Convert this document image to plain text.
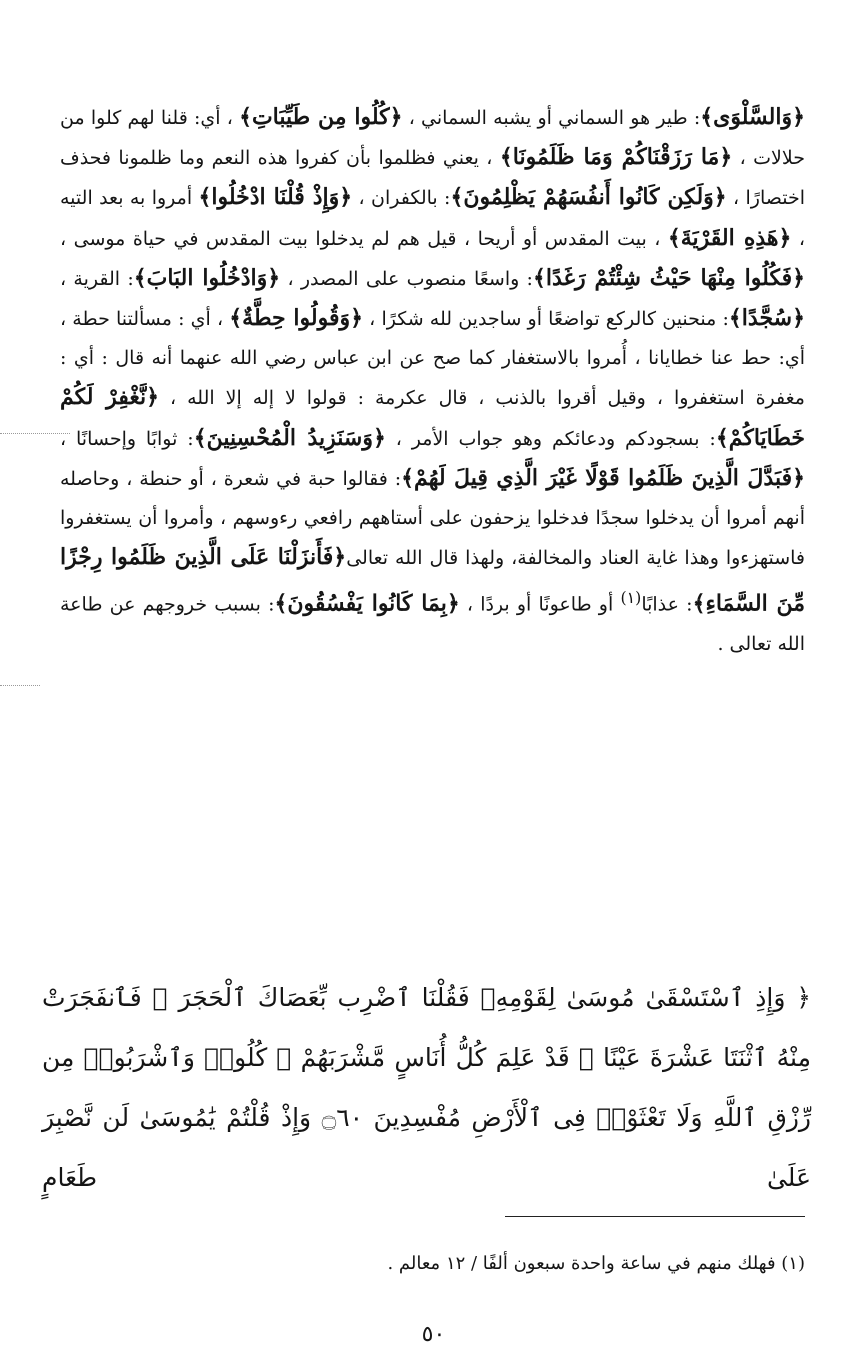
﴿وَالسَّلْوَى﴾: طير هو السماني أو يشبه السماني ، ﴿كُلُوا مِن طَيِّبَاتِ﴾ ، أي: قلنا لهم كلوا من حلالات ، ﴿مَا رَزَقْنَاكُمْ وَمَا ظَلَمُونَا﴾ ، يعني فظلموا بأن كفروا هذه النعم وما ظلمونا فحذف اختصارًا ، ﴿وَلَكِن كَانُوا أَنفُسَهُمْ يَظْلِمُونَ﴾: بالكفران ، ﴿وَإِذْ قُلْنَا ادْخُلُوا﴾ أمروا به بعد التيه ، ﴿هَذِهِ القَرْيَةَ﴾ ، بيت المقدس أو أريحا ، قيل هم لم يدخلوا بيت المقدس في حياة موسى ، ﴿فَكُلُوا مِنْهَا حَيْثُ شِئْتُمْ رَغَدًا﴾: واسعًا منصوب على المصدر ، ﴿وَادْخُلُوا البَابَ﴾: القرية ، ﴿سُجَّدًا﴾: منحنين كالركع تواضعًا أو ساجدين لله شكرًا ، ﴿وَقُولُوا حِطَّةٌ﴾ ، أي : مسألتنا حطة ، أي: حط عنا خطايانا ، أُمروا بالاستغفار كما صح عن ابن عباس رضي الله عنهما أنه قال : أي : مغفرة استغفروا ، وقيل أقروا بالذنب ، قال عكرمة : قولوا لا إله إلا الله ، ﴿نَّغْفِرْ لَكُمْ خَطَايَاكُمْ﴾: بسجودكم ودعائكم وهو جواب الأمر ، ﴿وَسَنَزِيدُ الْمُحْسِنِينَ﴾: ثوابًا وإحسانًا ، ﴿فَبَدَّلَ الَّذِينَ ظَلَمُوا قَوْلًا غَيْرَ الَّذِي قِيلَ لَهُمْ﴾: فقالوا حبة في شعرة ، أو حنطة ، وحاصله أنهم أمروا أن يدخلوا سجدًا فدخلوا يزحفون على أستاههم رافعي رءوسهم ، وأمروا أن يستغفروا فاستهزءوا وهذا غاية العناد والمخالفة، ولهذا قال الله تعالى﴿فَأَنزَلْنَا عَلَى الَّذِينَ ظَلَمُوا رِجْزًا مِّنَ السَّمَاءِ﴾: عذابًا$^{(١)}$ أو طاعونًا أو بردًا ، ﴿بِمَا كَانُوا يَفْسُقُونَ﴾: بسبب خروجهم عن طاعة الله تعالى .
﴿ وَإِذِ ٱسْتَسْقَىٰ مُوسَىٰ لِقَوْمِهِۦ فَقُلْنَا ٱضْرِب بِّعَصَاكَ ٱلْحَجَرَ ۖ فَٱنفَجَرَتْ مِنْهُ ٱثْنَتَا عَشْرَةَ عَيْنًا ۖ قَدْ عَلِمَ كُلُّ أُنَاسٍ مَّشْرَبَهُمْ ۖ كُلُوا۟ وَٱشْرَبُوا۟ مِن رِّزْقِ ٱللَّهِ وَلَا تَعْثَوْا۟ فِى ٱلْأَرْضِ مُفْسِدِينَ ۝٦٠ وَإِذْ قُلْتُمْ يَٰمُوسَىٰ لَن نَّصْبِرَ عَلَىٰ طَعَامٍ
(١) فهلك منهم في ساعة واحدة سبعون ألفًا / ١٢ معالم .
٥٠
